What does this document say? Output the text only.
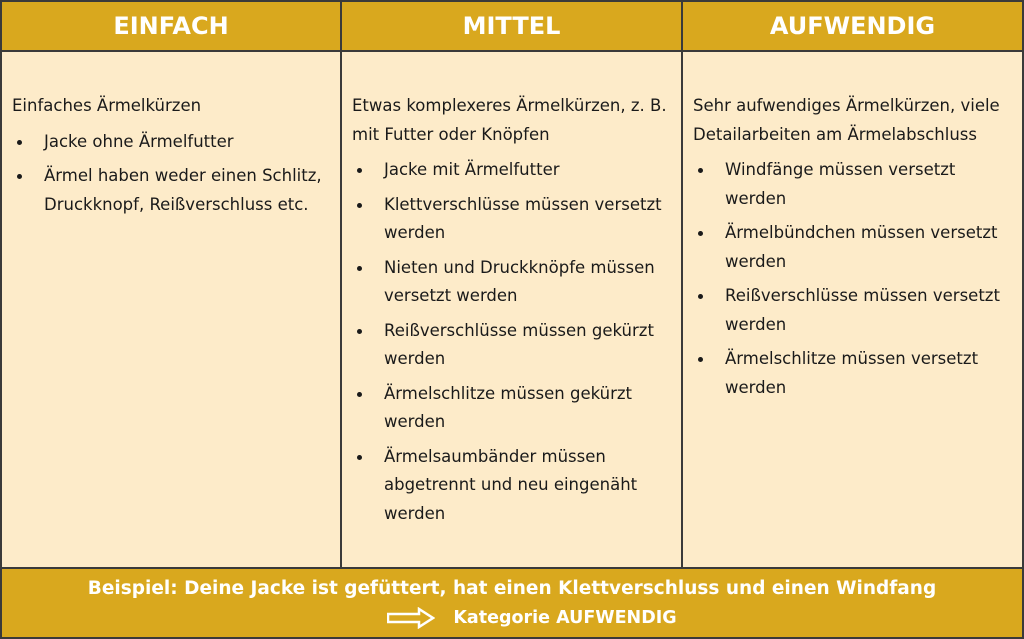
EINFACH	MITTEL	AUFWENDIG
Einfaches Ärmelkürzen
Jacke ohne Ärmelfutter
Ärmel haben weder einen Schlitz, Druckknopf, Reißverschluss etc.
Etwas komplexeres Ärmelkürzen, z. B. mit Futter oder Knöpfen
Jacke mit Ärmelfutter
Klettverschlüsse müssen versetzt werden
Nieten und Druckknöpfe müssen versetzt werden
Reißverschlüsse müssen gekürzt werden
Ärmelschlitze müssen gekürzt werden
Ärmelsaumbänder müssen abgetrennt und neu eingenäht werden
Sehr aufwendiges Ärmelkürzen, viele Detailarbeiten am Ärmelabschluss
Windfänge müssen versetzt werden
Ärmelbündchen müssen versetzt werden
Reißverschlüsse müssen versetzt werden
Ärmelschlitze müssen versetzt werden
Beispiel: Deine Jacke ist gefüttert, hat einen Klettverschluss und einen Windfang
Kategorie AUFWENDIG
